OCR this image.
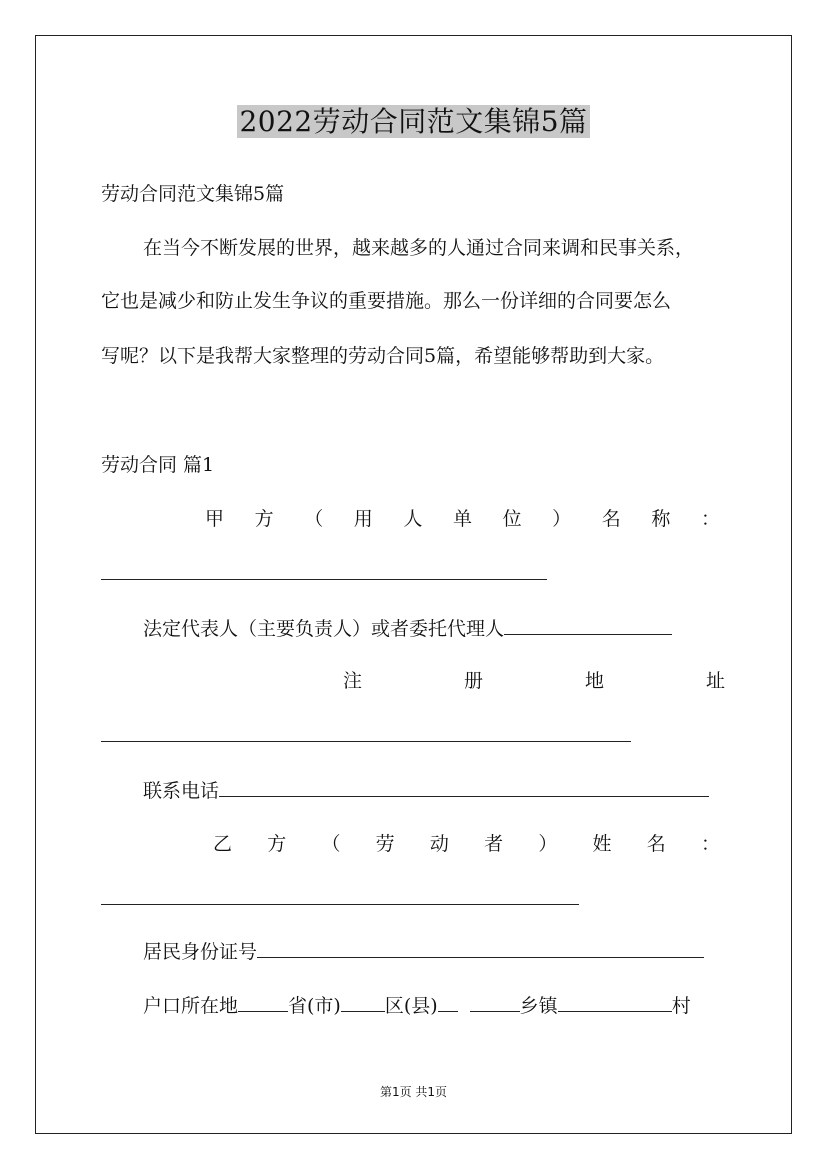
2022劳动合同范文集锦5篇
劳动合同范文集锦5篇
在当今不断发展的世界，越来越多的人通过合同来调和民事关系，
它也是减少和防止发生争议的重要措施。那么一份详细的合同要怎么
写呢？以下是我帮大家整理的劳动合同5篇，希望能够帮助到大家。
劳动合同 篇1
甲 方 （ 用 人 单 位 ） 名 称 ：
法定代表人（主要负责人）或者委托代理人
注	册	地	址
联系电话
乙 方 （ 劳 动 者 ） 姓 名 ：
居民身份证号
户口所在地	省(市) 区(县)	乡镇	村
第1页 共1页
